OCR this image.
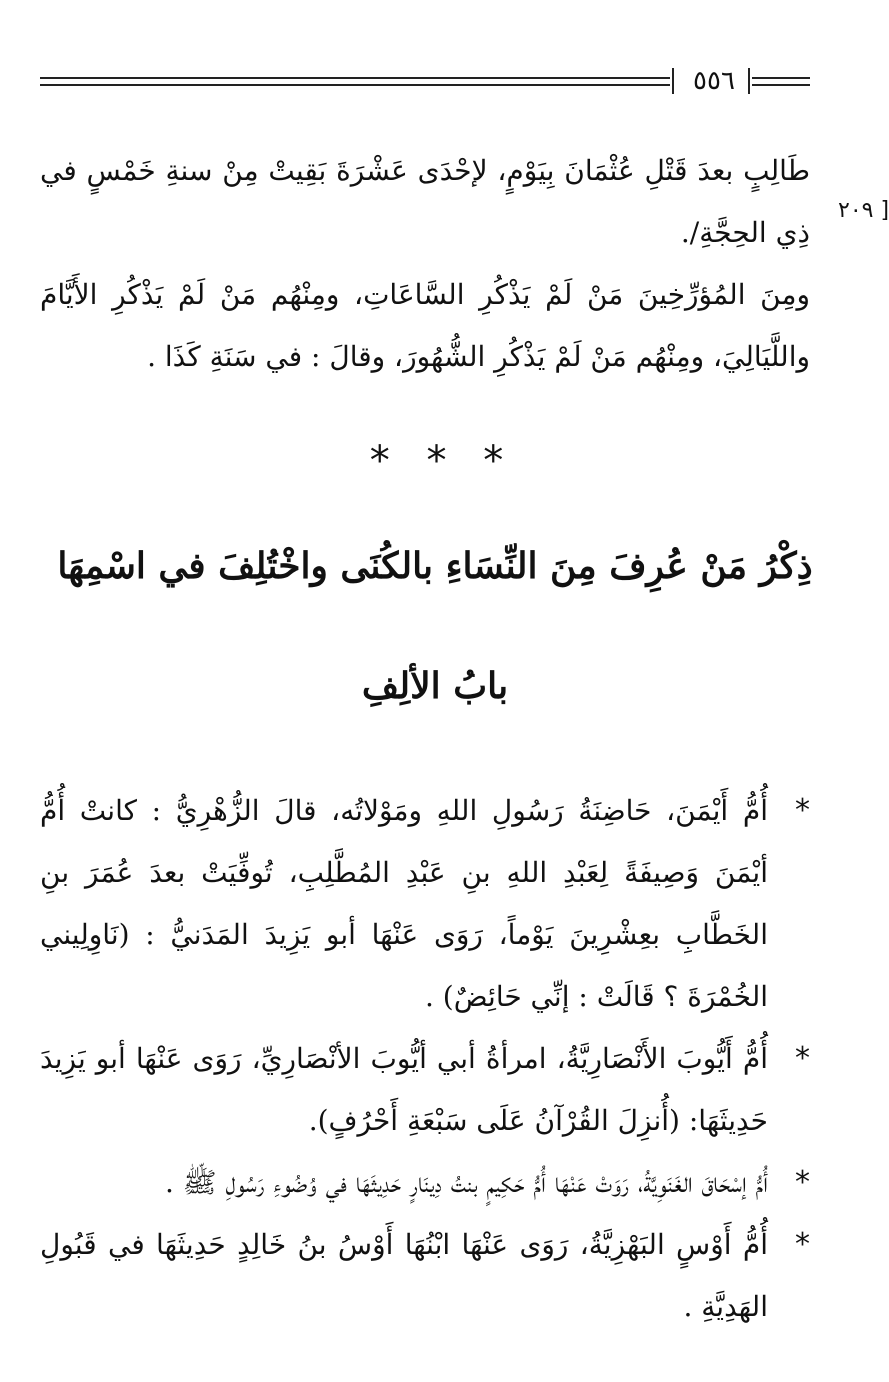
٥٥٦
٢٠٩ ]

طَالِبٍ بعدَ قَتْلِ عُثْمَانَ بِيَوْمٍ، لإحْدَى عَشْرَةَ بَقِيتْ مِنْ سنةِ خَمْسٍ في ذِي الحِجَّةِ/.

ومِنَ المُؤرِّخِينَ مَنْ لَمْ يَذْكُرِ السَّاعَاتِ، ومِنْهُم مَنْ لَمْ يَذْكُرِ الأَيَّامَ واللَّيَالِيَ، ومِنْهُم مَنْ لَمْ يَذْكُرِ الشُّهُورَ، وقالَ : في سَنَةِ كَذَا .

* * *
ذِكْرُ مَنْ عُرِفَ مِنَ النِّسَاءِ بالكُنَى واخْتُلِفَ في اسْمِهَا
بابُ الألِفِ

*
أُمُّ أَيْمَنَ، حَاضِنَةُ رَسُولِ اللهِ ومَوْلاتُه، قالَ الزُّهْرِيُّ : كانتْ أُمُّ أيْمَنَ وَصِيفَةً لِعَبْدِ اللهِ بنِ عَبْدِ المُطَّلِبِ، تُوفِّيَتْ بعدَ عُمَرَ بنِ الخَطَّابِ بعِشْرِينَ يَوْماً، رَوَى عَنْهَا أبو يَزِيدَ المَدَنيُّ : (نَاوِلِيني الخُمْرَةَ ؟ قَالَتْ : إنِّي حَائِضٌ) .

*
أُمُّ أَيُّوبَ الأَنْصَارِيَّةُ، امرأةُ أبي أيُّوبَ الأنْصَارِيِّ، رَوَى عَنْهَا أبو يَزِيدَ حَدِيثَهَا: (أُنزِلَ القُرْآنُ عَلَى سَبْعَةِ أَحْرُفٍ).

*
أُمُّ إسْحَاقَ الغَنَوِيَّةُ، رَوَتْ عَنْهَا أُمُّ حَكِيمٍ بنتُ دِينَارٍ حَدِيثَهَا في وُضُوءِ رَسُولِ ﷺ .

*
أُمُّ أَوْسٍ البَهْزِيَّةُ، رَوَى عَنْهَا ابْنُهَا أَوْسُ بنُ خَالِدٍ حَدِيثَهَا في قَبُولِ الهَدِيَّةِ .
